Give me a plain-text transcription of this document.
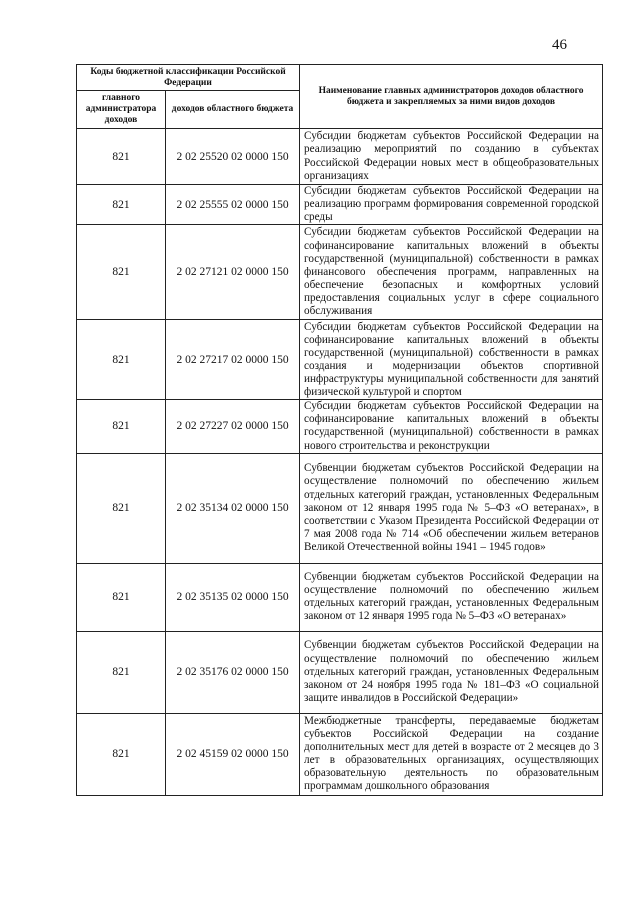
46
Коды бюджетной классификации Российской Федерации		Наименование главных администраторов доходов областного бюджета и закрепляемых за ними видов доходов
главного администратора доходов	доходов областного бюджета	
821	2 02 25520 02 0000 150	Субсидии бюджетам субъектов Российской Федерации на реализацию мероприятий по созданию в субъектах Российской Федерации новых мест в общеобразовательных организациях
821	2 02 25555 02 0000 150	Субсидии бюджетам субъектов Российской Федерации на реализацию программ формирования современной городской среды
821	2 02 27121 02 0000 150	Субсидии бюджетам субъектов Российской Федерации на софинансирование капитальных вложений в объекты государственной (муниципальной) собственности в рамках финансового обеспечения программ, направленных на обеспечение безопасных и комфортных условий предоставления социальных услуг в сфере социального обслуживания
821	2 02 27217 02 0000 150	Субсидии бюджетам субъектов Российской Федерации на софинансирование капитальных вложений в объекты государственной (муниципальной) собственности в рамках создания и модернизации объектов спортивной инфраструктуры муниципальной собственности для занятий физической культурой и спортом
821	2 02 27227 02 0000 150	Субсидии бюджетам субъектов Российской Федерации на софинансирование капитальных вложений в объекты государственной (муниципальной) собственности в рамках нового строительства и реконструкции
821	2 02 35134 02 0000 150	Субвенции бюджетам субъектов Российской Федерации на осуществление полномочий по обеспечению жильем отдельных категорий граждан, установленных Федеральным законом от 12 января 1995 года № 5–ФЗ «О ветеранах», в соответствии с Указом Президента Российской Федерации от 7 мая 2008 года № 714 «Об обеспечении жильем ветеранов Великой Отечественной войны 1941 – 1945 годов»
821	2 02 35135 02 0000 150	Субвенции бюджетам субъектов Российской Федерации на осуществление полномочий по обеспечению жильем отдельных категорий граждан, установленных Федеральным законом от 12 января 1995 года № 5–ФЗ «О ветеранах»
821	2 02 35176 02 0000 150	Субвенции бюджетам субъектов Российской Федерации на осуществление полномочий по обеспечению жильем отдельных категорий граждан, установленных Федеральным законом от 24 ноября 1995 года № 181–ФЗ «О социальной защите инвалидов в Российской Федерации»
821	2 02 45159 02 0000 150	Межбюджетные трансферты, передаваемые бюджетам субъектов Российской Федерации на создание дополнительных мест для детей в возрасте от 2 месяцев до 3 лет в образовательных организациях, осуществляющих образовательную деятельность по образовательным программам дошкольного образования
